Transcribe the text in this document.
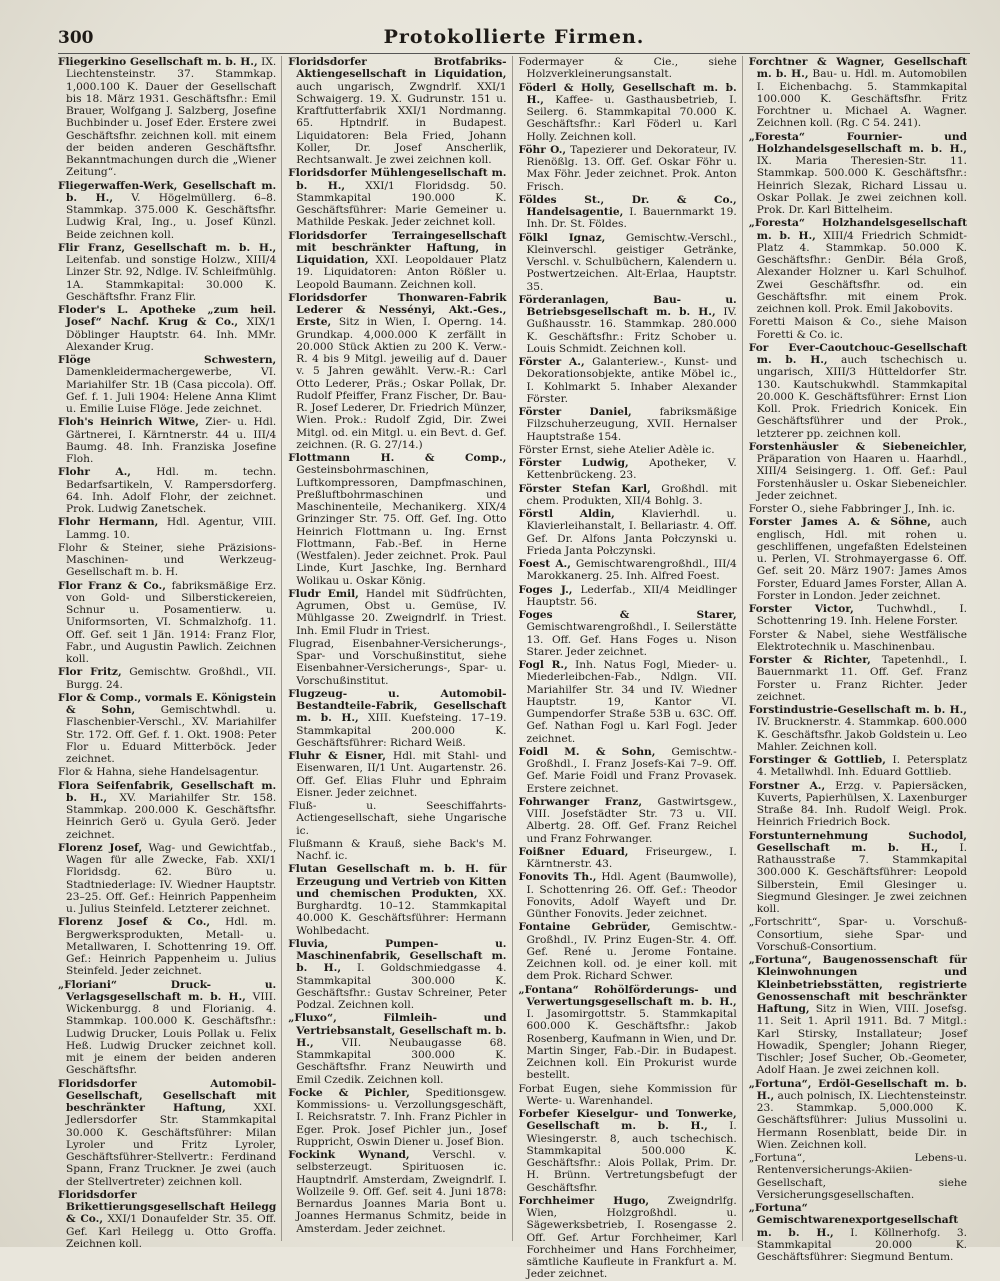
300	Protokollierte Firmen.

Fliegerkino Gesellschaft m. b. H., IX. Liechtensteinstr. 37. Stammkap. 1,000.100 K. Dauer der Gesellschaft bis 18. März 1931. Geschäftsfhr.: Emil Brauer, Wolfgang J. Salzberg, Josefine Buchbinder u. Josef Eder. Erstere zwei Geschäftsfhr. zeichnen koll. mit einem der beiden anderen Geschäftsfhr. Bekanntmachungen durch die „Wiener Zeitung“.

Fliegerwaffen-Werk, Gesellschaft m. b. H., V. Högelmüllerg. 6–8. Stammkap. 375.000 K. Geschäftsfhr. Ludwig Kral, Ing., u. Josef Künzl. Beide zeichnen koll.

Flir Franz, Gesellschaft m. b. H., Leitenfab. und sonstige Holzw., XIII/4 Linzer Str. 92, Ndlge. IV. Schleifmühlg. 1A. Stammkapital: 30.000 K. Geschäftsfhr. Franz Flir.

Floder's L. Apotheke „zum heil. Josef“ Nachf. Krug & Co., XIX/1 Döblinger Hauptstr. 64. Inh. MMr. Alexander Krug.

Flöge Schwestern, Damenkleidermachergewerbe, VI. Mariahilfer Str. 1B (Casa piccola). Off. Gef. f. 1. Juli 1904: Helene Anna Klimt u. Emilie Luise Flöge. Jede zeichnet.

Floh's Heinrich Witwe, Zier- u. Hdl. Gärtnerei, I. Kärntnerstr. 44 u. III/4 Baumg. 48. Inh. Franziska Josefine Floh.

Flohr A., Hdl. m. techn. Bedarfsartikeln, V. Rampersdorferg. 64. Inh. Adolf Flohr, der zeichnet. Prok. Ludwig Zanetschek.

Flohr Hermann, Hdl. Agentur, VIII. Lammg. 10.

Flohr & Steiner, siehe Präzisions-Maschinen- und Werkzeug-Gesellschaft m. b. H.

Flor Franz & Co., fabriksmäßige Erz. von Gold- und Silberstickereien, Schnur u. Posamentierw. u. Uniformsorten, VI. Schmalzhofg. 11. Off. Gef. seit 1 Jän. 1914: Franz Flor, Fabr., und Augustin Pawlich. Zeichnen koll.

Flor Fritz, Gemischtw. Großhdl., VII. Burgg. 24.

Flor & Comp., vormals E. Königstein & Sohn, Gemischtwhdl. u. Flaschenbier-Verschl., XV. Mariahilfer Str. 172. Off. Gef. f. 1. Okt. 1908: Peter Flor u. Eduard Mitterböck. Jeder zeichnet.

Flor & Hahna, siehe Handelsagentur.

Flora Seifenfabrik, Gesellschaft m. b. H., XV. Mariahilfer Str. 158. Stammkap. 200.000 K. Geschäftsfhr. Heinrich Gerö u. Gyula Gerö. Jeder zeichnet.

Florenz Josef, Wag- und Gewichtfab., Wagen für alle Zwecke, Fab. XXI/1 Floridsdg. 62. Büro u. Stadtniederlage: IV. Wiedner Hauptstr. 23–25. Off. Gef.: Heinrich Pappenheim u. Julius Steinfeld. Letzterer zeichnet.

Florenz Josef & Co., Hdl. m. Bergwerksprodukten, Metall- u. Metallwaren, I. Schottenring 19. Off. Gef.: Heinrich Pappenheim u. Julius Steinfeld. Jeder zeichnet.

„Floriani“ Druck- u. Verlagsgesellschaft m. b. H., VIII. Wickenburgg. 8 und Florianig. 4. Stammkap. 100.000 K. Geschäftsfhr.: Ludwig Drucker, Louis Pollak u. Felix Heß. Ludwig Drucker zeichnet koll. mit je einem der beiden anderen Geschäftsfhr.

Floridsdorfer Automobil-Gesellschaft, Gesellschaft mit beschränkter Haftung,	XXI. Jedlersdorfer Str. Stammkapital 30.000 K. Geschäftsführer: Milan Lyroler und Fritz Lyroler, Geschäftsführer-Stellvertr.: Ferdinand Spann, Franz Truckner. Je zwei (auch der Stellvertreter) zeichnen koll.

Floridsdorfer Brikettierungsgesellschaft Heilegg & Co., XXI/1 Donaufelder Str. 35. Off. Gef. Karl Heilegg u. Otto Groffa. Zeichnen koll.

Floridsdorfer Brotfabriks-Aktiengesellschaft in Liquidation, auch ungarisch, Zwgndrlf. XXI/1 Schwaigerg. 19. X. Gudrunstr. 151 u. Kraftfutterfabrik XXI/1 Nordmanng. 65. Hptndrlf. in Budapest. Liquidatoren: Bela Fried, Johann Koller, Dr. Josef Anscherlik, Rechtsanwalt. Je zwei zeichnen koll.

Floridsdorfer Mühlengesellschaft m. b. H., XXI/1 Floridsdg. 50. Stammkapital 190.000 K. Geschäftsführer: Marie Gemeiner u. Mathilde Peskak. Jeder zeichnet koll.

Floridsdorfer Terraingesellschaft mit beschränkter Haftung, in Liquidation, XXI. Leopoldauer Platz 19. Liquidatoren: Anton Rößler u. Leopold Baumann. Zeichnen koll.

Floridsdorfer Thonwaren-Fabrik Lederer & Nessényi, Akt.-Ges., Erste, Sitz in Wien, I. Operng. 14. Grundkap. 4,000.000 K zerfällt in 20.000 Stück Aktien zu 200 K. Verw.-R. 4 bis 9 Mitgl. jeweilig auf d. Dauer v. 5 Jahren gewählt. Verw.-R.: Carl Otto Lederer, Präs.; Oskar Pollak, Dr. Rudolf Pfeiffer, Franz Fischer, Dr. Bau-R. Josef Lederer, Dr. Friedrich Münzer, Wien. Prok.: Rudolf Zgid, Dir. Zwei Mitgl. od. ein Mitgl. u. ein Bevt. d. Gef. zeichnen. (R. G. 27/14.)

Flottmann H. & Comp., Gesteinsbohrmaschinen, Luftkompressoren, Dampfmaschinen, Preßluftbohrmaschinen und Maschinenteile, Mechanikerg. XIX/4 Grinzinger Str. 75. Off. Gef. Ing. Otto Heinrich Flottmann u. Ing. Ernst Flottmann, Fab.-Bef. in Herne (Westfalen). Jeder zeichnet. Prok. Paul Linde, Kurt Jaschke, Ing. Bernhard Wolikau u. Oskar König.

Fludr Emil, Handel mit Südfrüchten, Agrumen, Obst u. Gemüse, IV. Mühlgasse 20. Zweigndrlf. in Triest. Inh. Emil Fludr in Triest.

Flugrad, Eisenbahner-Versicherungs-, Spar- und Vorschußinstitut, siehe Eisenbahner-Versicherungs-, Spar- u. Vorschußinstitut.

Flugzeug- u. Automobil-Bestandteile-Fabrik, Gesellschaft m. b. H., XIII. Kuefsteing. 17–19. Stammkapital 200.000 K. Geschäftsführer: Richard Weiß.

Fluhr & Eisner, Hdl. mit Stahl- und Eisenwaren, II/1 Unt. Augartenstr. 26. Off. Gef. Elias Fluhr und Ephraim Eisner. Jeder zeichnet.

Fluß- u. Seeschiffahrts-Actiengesellschaft, siehe Ungarische ic.

Flußmann & Krauß, siehe Back's M. Nachf. ic.

Flutan Gesellschaft m. b. H. für Erzeugung und Vertrieb von Kitten und chemischen Produkten, XX. Burghardtg. 10–12. Stammkapital 40.000 K. Geschäftsführer: Hermann Wohlbedacht.

Fluvia, Pumpen- u. Maschinenfabrik, Gesellschaft m. b. H., I. Goldschmiedgasse 4. Stammkapital 300.000 K. Geschäftsfhr.: Gustav Schreiner, Peter Podzal. Zeichnen koll.

„Fluxo“, Filmleih- und Vertriebsanstalt, Gesellschaft m. b. H.,	VII. Neubaugasse 68. Stammkapital 300.000 K. Geschäftsfhr. Franz Neuwirth und Emil Czedik. Zeichnen koll.

Focke & Pichler, Speditionsgew. Kommissions- u. Verzollungsgeschäft, I. Reichsratstr. 7. Inh. Franz Pichler in Eger. Prok. Josef Pichler jun., Josef Ruppricht, Oswin Diener u. Josef Bion.

Fockink Wynand, Verschl. v. selbsterzeugt. Spirituosen ic. Hauptndrlf. Amsterdam, Zweigndrlf. I. Wollzeile 9. Off. Gef. seit 4. Juni 1878: Bernardus Joannes Maria Bont u. Joannes Hermanus Schmitz, beide in Amsterdam. Jeder zeichnet.

Fodermayer & Cie., siehe Holzverkleinerungsanstalt.

Föderl & Holly, Gesellschaft m. b. H., Kaffee- u. Gasthausbetrieb, I. Seilerg. 6. Stammkapital 70.000 K. Geschäftsfhr.: Karl Föderl u. Karl Holly. Zeichnen koll.

Föhr O., Tapezierer und Dekorateur, IV. Rienößlg. 13. Off. Gef. Oskar Föhr u. Max Föhr. Jeder zeichnet. Prok. Anton Frisch.

Földes St., Dr. & Co., Handelsagentie, I. Bauernmarkt 19. Inh. Dr. St. Földes.

Fölkl Ignaz, Gemischtw.-Verschl., Kleinverschl. geistiger Getränke, Verschl. v. Schulbüchern, Kalendern u. Postwertzeichen. Alt-Erlaa, Hauptstr. 35.

Förderanlagen, Bau- u. Betriebsgesellschaft m. b. H., IV. Gußhausstr. 16. Stammkap. 280.000 K. Geschäftsfhr.: Fritz Schober u. Louis Schmidt. Zeichnen koll.

Förster A., Galanteriew.-, Kunst- und Dekorationsobjekte, antike Möbel ic., I. Kohlmarkt 5. Inhaber Alexander Förster.

Förster Daniel,	fabriksmäßige Filzschuherzeugung, XVII. Hernalser Hauptstraße 154.

Förster Ernst, siehe Atelier Adèle ic.

Förster Ludwig, Apotheker, V. Kettenbrückeng. 23.

Förster Stefan Karl, Großhdl. mit chem. Produkten, XII/4 Bohlg. 3.

Förstl Aldin,	Klavierhdl. u. Klavierleihanstalt, I. Bellariastr. 4. Off. Gef. Dr. Alfons Janta Połczynski u. Frieda Janta Połczynski.

Foest A., Gemischtwarengroßhdl., III/4 Marokkanerg. 25. Inh. Alfred Foest.

Foges J., Lederfab., XII/4 Meidlinger Hauptstr. 56.

Foges & Starer, Gemischtwarengroßhdl., I. Seilerstätte 13. Off. Gef. Hans Foges u. Nison Starer. Jeder zeichnet.

Fogl R., Inh. Natus Fogl, Mieder- u. Miederleibchen-Fab., Ndlgn. VII. Mariahilfer Str. 34 und IV. Wiedner Hauptstr. 19, Kantor VI. Gumpendorfer Straße 53B u. 63C. Off. Gef. Nathan Fogl u. Karl Fogl. Jeder zeichnet.

Foidl M. & Sohn, Gemischtw.-Großhdl., I. Franz Josefs-Kai 7–9. Off. Gef. Marie Foidl und Franz Provasek. Erstere zeichnet.

Fohrwanger Franz, Gastwirtsgew., VIII. Josefstädter Str. 73 u. VII. Albertg. 28. Off. Gef. Franz Reichel und Franz Fohrwanger.

Foißner Eduard, Friseurgew., I. Kärntnerstr. 43.

Fonovits Th., Hdl. Agent (Baumwolle), I. Schottenring 26. Off. Gef.: Theodor Fonovits, Adolf Wayeft und Dr. Günther Fonovits. Jeder zeichnet.

Fontaine Gebrüder, Gemischtw.-Großhdl., IV. Prinz Eugen-Str. 4. Off. Gef. René u. Jerome Fontaine. Zeichnen koll. od. je einer koll. mit dem Prok. Richard Schwer.

„Fontana“ Rohölförderungs- und Verwertungsgesellschaft m. b. H., I. Jasomirgottstr. 5. Stammkapital 600.000 K. Geschäftsfhr.: Jakob Rosenberg, Kaufmann in Wien, und Dr. Martin Singer, Fab.-Dir. in Budapest. Zeichnen koll. Ein Prokurist wurde bestellt.

Forbat Eugen, siehe Kommission für Werte- u. Warenhandel.

Forbefer Kieselgur- und Tonwerke, Gesellschaft m. b. H., I. Wiesingerstr. 8, auch tschechisch. Stammkapital 500.000 K. Geschäftsfhr.: Alois Pollak, Prim. Dr. H. Brünn. Vertretungsbefugt der Geschäftsfhr.

Forchheimer Hugo, Zweigndrlfg. Wien, Holzgroßhdl. u. Sägewerksbetrieb, I. Rosengasse 2. Off. Gef. Artur Forchheimer, Karl Forchheimer und Hans Forchheimer, sämtliche Kaufleute in Frankfurt a. M. Jeder zeichnet.

Forchtner & Wagner, Gesellschaft m. b. H., Bau- u. Hdl. m. Automobilen I. Eichenbachg. 5. Stammkapital 100.000 K. Geschäftsfhr. Fritz Forchtner u. Michael A. Wagner. Zeichnen koll. (Rg. C 54. 241).

„Foresta“ Fournier- und Holzhandelsgesellschaft m. b. H., IX. Maria Theresien-Str. 11. Stammkap. 500.000 K. Geschäftsfhr.: Heinrich Slezak, Richard Lissau u. Oskar Pollak. Je zwei zeichnen koll. Prok. Dr. Karl Bittelheim.

„Foresta“ Holzhandelsgesellschaft m. b. H., XIII/4 Friedrich Schmidt-Platz 4. Stammkap. 50.000 K. Geschäftsfhr.: GenDir. Béla Groß, Alexander Holzner u. Karl Schulhof. Zwei Geschäftsfhr. od. ein Geschäftsfhr. mit einem Prok. zeichnen koll. Prok. Emil Jakobovits.

Foretti Maison & Co., siehe Maison Foretti & Co. ic.

For Ever-Caoutchouc-Gesellschaft m. b. H., auch tschechisch u. ungarisch, XIII/3 Hütteldorfer Str. 130. Kautschukwhdl. Stammkapital 20.000 K. Geschäftsführer: Ernst Lion Koll. Prok. Friedrich Konicek. Ein Geschäftsführer und der Prok., letzterer pp. zeichnen koll.

Forstenhäusler & Siebeneichler, Präparation von Haaren u. Haarhdl., XIII/4 Seisingerg. 1. Off. Gef.: Paul Forstenhäusler u. Oskar Siebeneichler. Jeder zeichnet.

Forster O., siehe Fabbringer J., Inh. ic.

Forster James A. & Söhne, auch englisch, Hdl. mit rohen u. geschliffenen, ungefaßten Edelsteinen u. Perlen, VI. Strohmayergasse 6. Off. Gef. seit 20. März 1907: James Amos Forster, Eduard James Forster, Allan A. Forster in London. Jeder zeichnet.

Forster Victor, Tuchwhdl., I. Schottenring 19. Inh. Helene Forster.

Forster & Nabel, siehe Westfälische Elektrotechnik u. Maschinenbau.

Forster & Richter, Tapetenhdl., I. Bauernmarkt 11. Off. Gef. Franz Forster u. Franz Richter. Jeder zeichnet.

Forstindustrie-Gesellschaft m. b. H., IV. Brucknerstr. 4. Stammkap. 600.000 K. Geschäftsfhr. Jakob Goldstein u. Leo Mahler. Zeichnen koll.

Forstinger & Gottlieb, I. Petersplatz 4. Metallwhdl. Inh. Eduard Gottlieb.

Forstner A., Erzg. v. Papiersäcken, Kuverts, Papierhülsen, X. Laxenburger Straße 84. Inh. Rudolf Weigl. Prok. Heinrich Friedrich Bock.

Forstunternehmung Suchodol, Gesellschaft m. b. H., I. Rathausstraße 7. Stammkapital 300.000 K. Geschäftsführer: Leopold Silberstein, Emil Glesinger u. Siegmund Glesinger. Je zwei zeichnen koll.

„Fortschritt“, Spar- u. Vorschuß-Consortium, siehe Spar- und Vorschuß-Consortium.

„Fortuna“, Baugenossenschaft für Kleinwohnungen und Kleinbetriebsstätten, registrierte Genossenschaft mit beschränkter Haftung, Sitz in Wien, VIII. Josefsg. 11. Seit 1. April 1911. Bd. 7 Mitgl.: Karl Stirsky, Installateur; Josef Howadik, Spengler; Johann Rieger, Tischler; Josef Sucher, Ob.-Geometer, Adolf Haan. Je zwei zeichnen koll.

„Fortuna“, Erdöl-Gesellschaft m. b. H., auch polnisch, IX. Liechtensteinstr. 23. Stammkap. 5,000.000 K. Geschäftsführer: Julius Mussolini u. Hermann Rosenblatt, beide Dir. in Wien. Zeichnen koll.

„Fortuna“, Lebens-u. Rentenversicherungs-Akiien-Gesellschaft, siehe Versicherungsgesellschaften.

„Fortuna“ Gemischtwarenexportgesellschaft m. b. H., I. Köllnerhofg. 3. Stammkapital 20.000 K. Geschäftsführer: Siegmund Bentum.
